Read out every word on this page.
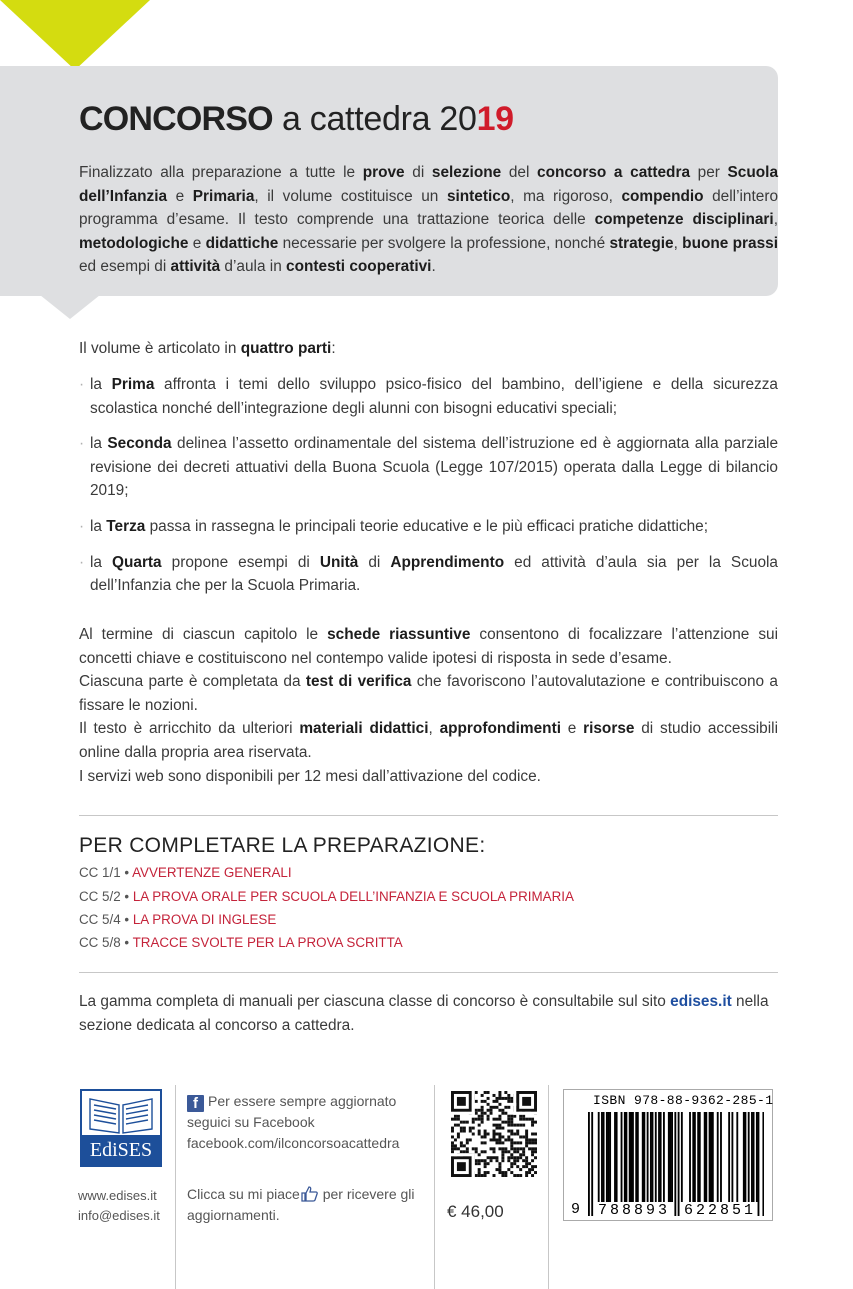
CONCORSO a cattedra 2019

Finalizzato alla preparazione a tutte le prove di selezione del concorso a cattedra per Scuola dell’Infanzia e Primaria, il volume costituisce un sintetico, ma rigoroso, compendio dell’intero programma d’esame. Il testo comprende una trattazione teorica delle competenze disciplinari, metodologiche e didattiche necessarie per svolgere la professione, nonché strategie, buone prassi ed esempi di attività d’aula in contesti cooperativi.

Il volume è articolato in quattro parti:

· la Prima affronta i temi dello sviluppo psico-fisico del bambino, dell’igiene e della sicurezza scolastica nonché dell’integrazione degli alunni con bisogni educativi speciali;
· la Seconda delinea l’assetto ordinamentale del sistema dell’istruzione ed è aggiornata alla parziale revisione dei decreti attuativi della Buona Scuola (Legge 107/2015) operata dalla Legge di bilancio 2019;
· la Terza passa in rassegna le principali teorie educative e le più efficaci pratiche didattiche;
· la Quarta propone esempi di Unità di Apprendimento ed attività d’aula sia per la Scuola dell’Infanzia che per la Scuola Primaria.

Al termine di ciascun capitolo le schede riassuntive consentono di focalizzare l’attenzione sui concetti chiave e costituiscono nel contempo valide ipotesi di risposta in sede d’esame.
Ciascuna parte è completata da test di verifica che favoriscono l’autovalutazione e contribuiscono a fissare le nozioni.
Il testo è arricchito da ulteriori materiali didattici, approfondimenti e risorse di studio accessibili online dalla propria area riservata.
I servizi web sono disponibili per 12 mesi dall’attivazione del codice.

PER COMPLETARE LA PREPARAZIONE:
CC 1/1 • AVVERTENZE GENERALI
CC 5/2 • LA PROVA ORALE PER SCUOLA DELL’INFANZIA E SCUOLA PRIMARIA
CC 5/4 • LA PROVA DI INGLESE
CC 5/8 • TRACCE SVOLTE PER LA PROVA SCRITTA

La gamma completa di manuali per ciascuna classe di concorso è consultabile sul sito edises.it nella sezione dedicata al concorso a cattedra.

EdiSES
www.edises.it
info@edises.it
f Per essere sempre aggiornato
seguici su Facebook
facebook.com/ilconcorsoacattedra
Clicca su mi piace per ricevere gli
aggiornamenti.	€ 46,00
ISBN 978-88-9362-285-1
9 788893 622851
